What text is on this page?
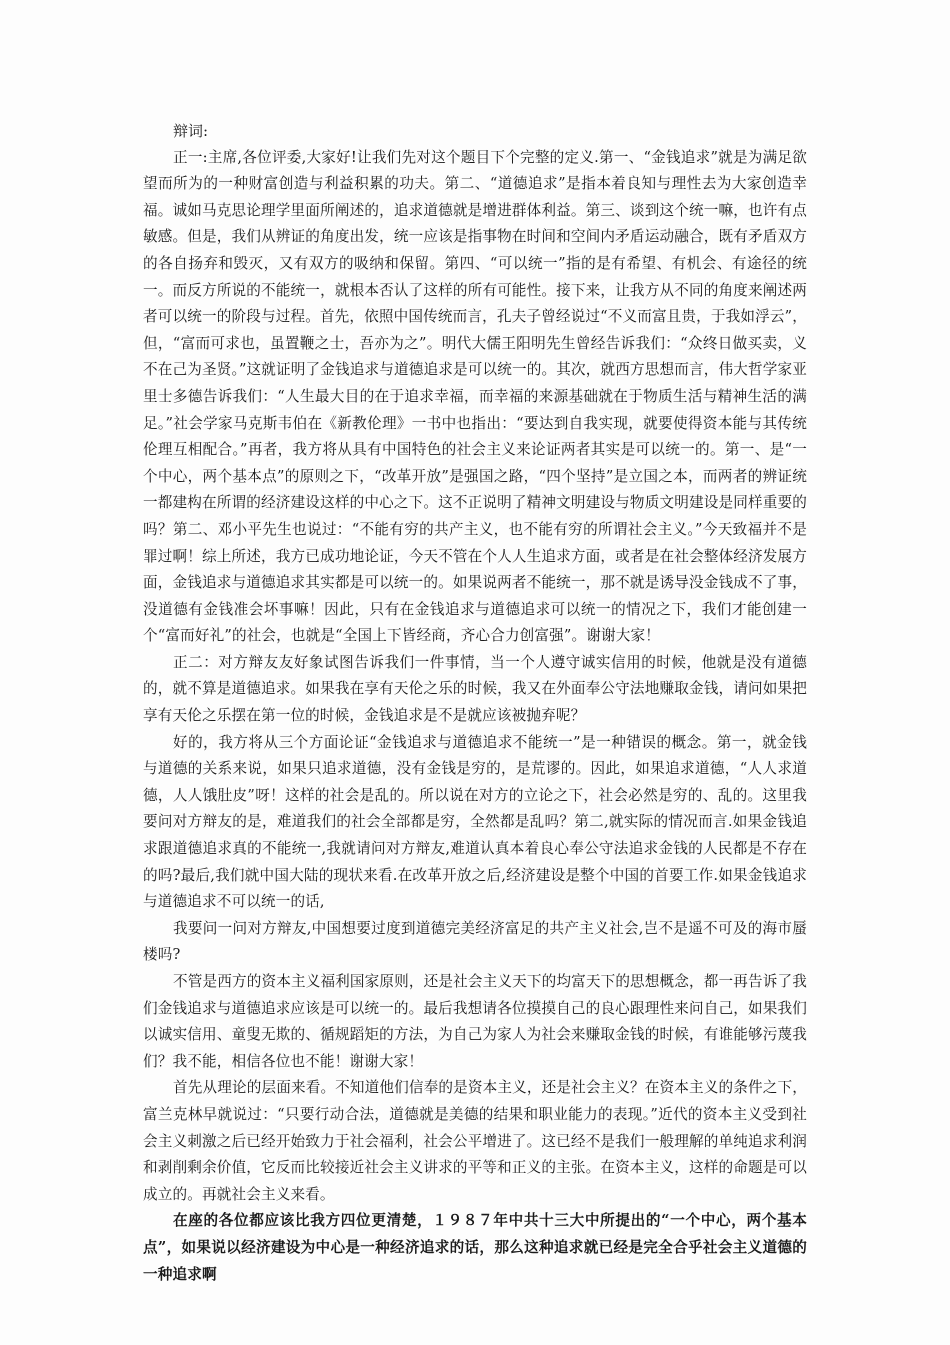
辩词:

正一:主席,各位评委,大家好!让我们先对这个题目下个完整的定义.第一、“金钱追求”就是为满足欲望而所为的一种财富创造与利益积累的功夫。第二、“道德追求”是指本着良知与理性去为大家创造幸福。诚如马克思论理学里面所阐述的，追求道德就是增进群体利益。第三、谈到这个统一嘛，也许有点敏感。但是，我们从辨证的角度出发，统一应该是指事物在时间和空间内矛盾运动融合，既有矛盾双方的各自扬弃和毁灭，又有双方的吸纳和保留。第四、“可以统一”指的是有希望、有机会、有途径的统一。而反方所说的不能统一，就根本否认了这样的所有可能性。接下来，让我方从不同的角度来阐述两者可以统一的阶段与过程。首先，依照中国传统而言，孔夫子曾经说过“不义而富且贵，于我如浮云”，但，“富而可求也，虽置鞭之士，吾亦为之”。明代大儒王阳明先生曾经告诉我们：“众终日做买卖，义不在己为圣贤。”这就证明了金钱追求与道德追求是可以统一的。其次，就西方思想而言，伟大哲学家亚里士多德告诉我们：“人生最大目的在于追求幸福，而幸福的来源基础就在于物质生活与精神生活的满足。”社会学家马克斯韦伯在《新教伦理》一书中也指出：“要达到自我实现，就要使得资本能与其传统伦理互相配合。”再者，我方将从具有中国特色的社会主义来论证两者其实是可以统一的。第一、是“一个中心，两个基本点”的原则之下，“改革开放”是强国之路，“四个坚持”是立国之本，而两者的辨证统一都建构在所谓的经济建设这样的中心之下。这不正说明了精神文明建设与物质文明建设是同样重要的吗？第二、邓小平先生也说过：“不能有穷的共产主义，也不能有穷的所谓社会主义。”今天致福并不是罪过啊！综上所述，我方已成功地论证，今天不管在个人人生追求方面，或者是在社会整体经济发展方面，金钱追求与道德追求其实都是可以统一的。如果说两者不能统一，那不就是诱导没金钱成不了事，没道德有金钱准会坏事嘛！因此，只有在金钱追求与道德追求可以统一的情况之下，我们才能创建一个“富而好礼”的社会，也就是“全国上下皆经商，齐心合力创富强”。谢谢大家！

正二：对方辩友友好象试图告诉我们一件事情，当一个人遵守诚实信用的时候，他就是没有道德的，就不算是道德追求。如果我在享有天伦之乐的时候，我又在外面奉公守法地赚取金钱，请问如果把享有天伦之乐摆在第一位的时候，金钱追求是不是就应该被抛弃呢？

好的，我方将从三个方面论证“金钱追求与道德追求不能统一”是一种错误的概念。第一，就金钱与道德的关系来说，如果只追求道德，没有金钱是穷的，是荒谬的。因此，如果追求道德，“人人求道德，人人饿肚皮”呀！这样的社会是乱的。所以说在对方的立论之下，社会必然是穷的、乱的。这里我要问对方辩友的是，难道我们的社会全部都是穷，全然都是乱吗？第二,就实际的情况而言.如果金钱追求跟道德追求真的不能统一,我就请问对方辩友,难道认真本着良心奉公守法追求金钱的人民都是不存在的吗?最后,我们就中国大陆的现状来看.在改革开放之后,经济建设是整个中国的首要工作.如果金钱追求与道德追求不可以统一的话,

我要问一问对方辩友,中国想要过度到道德完美经济富足的共产主义社会,岂不是遥不可及的海市蜃楼吗?

不管是西方的资本主义福利国家原则，还是社会主义天下的均富天下的思想概念，都一再告诉了我们金钱追求与道德追求应该是可以统一的。最后我想请各位摸摸自己的良心跟理性来问自己，如果我们以诚实信用、童叟无欺的、循规蹈矩的方法，为自己为家人为社会来赚取金钱的时候，有谁能够污蔑我们？我不能，相信各位也不能！谢谢大家！

首先从理论的层面来看。不知道他们信奉的是资本主义，还是社会主义？在资本主义的条件之下，富兰克林早就说过：“只要行动合法，道德就是美德的结果和职业能力的表现。”近代的资本主义受到社会主义刺激之后已经开始致力于社会福利，社会公平增进了。这已经不是我们一般理解的单纯追求利润和剥削剩余价值，它反而比较接近社会主义讲求的平等和正义的主张。在资本主义，这样的命题是可以成立的。再就社会主义来看。

在座的各位都应该比我方四位更清楚，１９８７年中共十三大中所提出的“一个中心，两个基本点”，如果说以经济建设为中心是一种经济追求的话，那么这种追求就已经是完全合乎社会主义道德的一种追求啊
